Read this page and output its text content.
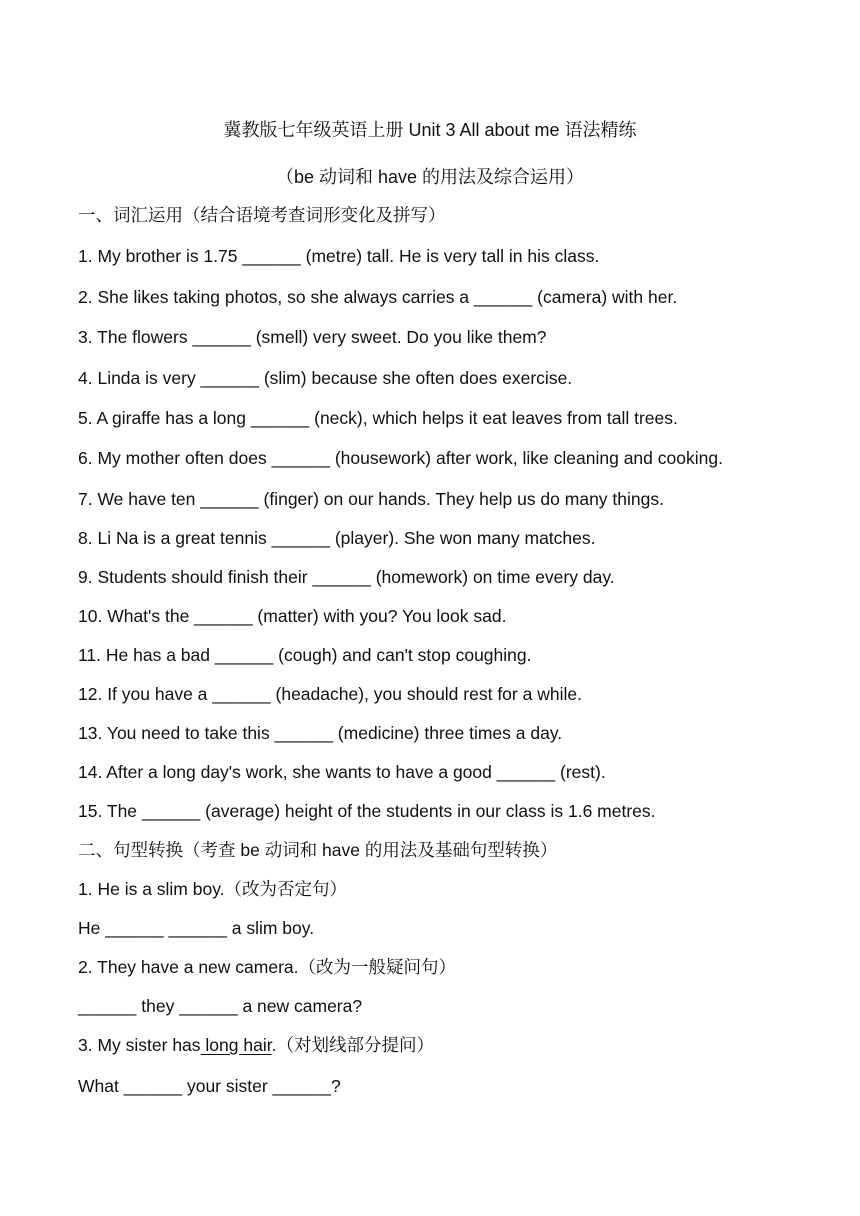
冀教版七年级英语上册 Unit 3 All about me 语法精练
（be 动词和 have 的用法及综合运用）
一、词汇运用（结合语境考查词形变化及拼写）
1. My brother is 1.75 ______ (metre) tall. He is very tall in his class.
2. She likes taking photos, so she always carries a ______ (camera) with her.
3. The flowers ______ (smell) very sweet. Do you like them?
4. Linda is very ______ (slim) because she often does exercise.
5. A giraffe has a long ______ (neck), which helps it eat leaves from tall trees.
6. My mother often does ______ (housework) after work, like cleaning and cooking.
7. We have ten ______ (finger) on our hands. They help us do many things.
8. Li Na is a great tennis ______ (player). She won many matches.
9. Students should finish their ______ (homework) on time every day.
10. What's the ______ (matter) with you? You look sad.
11. He has a bad ______ (cough) and can't stop coughing.
12. If you have a ______ (headache), you should rest for a while.
13. You need to take this ______ (medicine) three times a day.
14. After a long day's work, she wants to have a good ______ (rest).
15. The ______ (average) height of the students in our class is 1.6 metres.
二、句型转换（考查 be 动词和 have 的用法及基础句型转换）
1. He is a slim boy.（改为否定句）
He ______ ______ a slim boy.
2. They have a new camera.（改为一般疑问句）
______ they ______ a new camera?
3. My sister has long hair.（对划线部分提问）
What ______ your sister ______?
